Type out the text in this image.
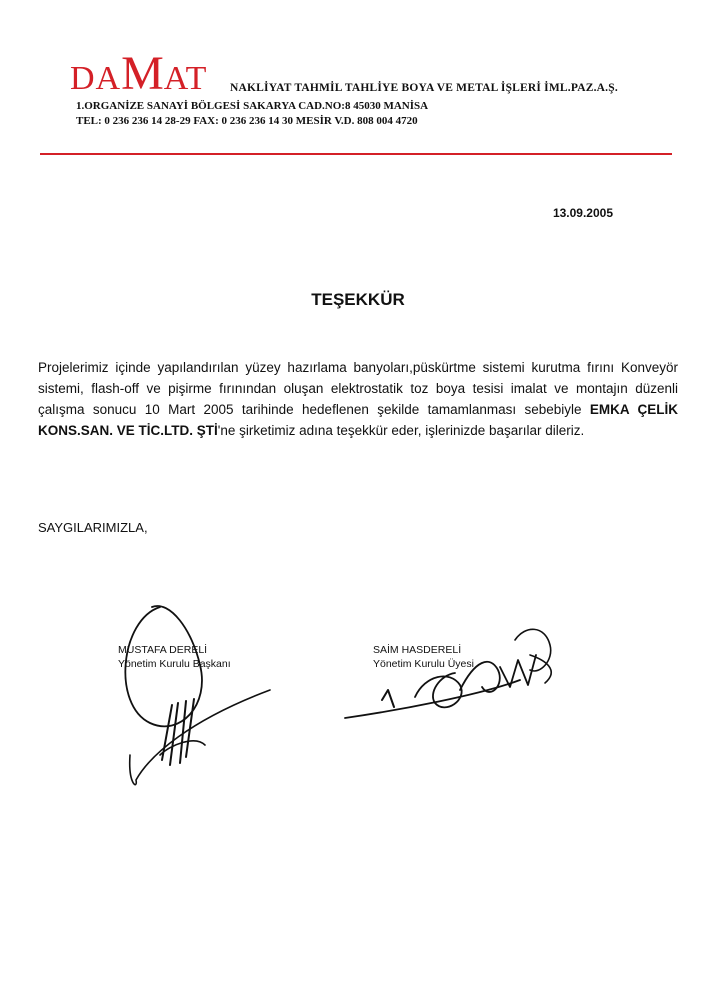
DAMAT NAKLİYAT TAHMİL TAHLİYE BOYA VE METAL İŞLERİ İML.PAZ.A.Ş.
1.ORGANİZE SANAYİ BÖLGESİ SAKARYA CAD.NO:8 45030 MANİSA
TEL: 0 236 236 14 28-29 FAX: 0 236 236 14 30 MESİR V.D. 808 004 4720
13.09.2005
TEŞEKKÜR
Projelerimiz içinde yapılandırılan yüzey hazırlama banyoları,püskürtme sistemi kurutma fırını Konveyör sistemi, flash-off ve pişirme fırınından oluşan elektrostatik toz boya tesisi imalat ve montajın düzenli çalışma sonucu 10 Mart 2005 tarihinde hedeflenen şekilde tamamlanması sebebiyle EMKA ÇELİK KONS.SAN. VE TİC.LTD. ŞTİ'ne şirketimiz adına teşekkür eder, işlerinizde başarılar dileriz.
SAYGILARIMIZLA,
MUSTAFA DERELİ
Yönetim Kurulu Başkanı
SAİM HASDERELİ
Yönetim Kurulu Üyesi
